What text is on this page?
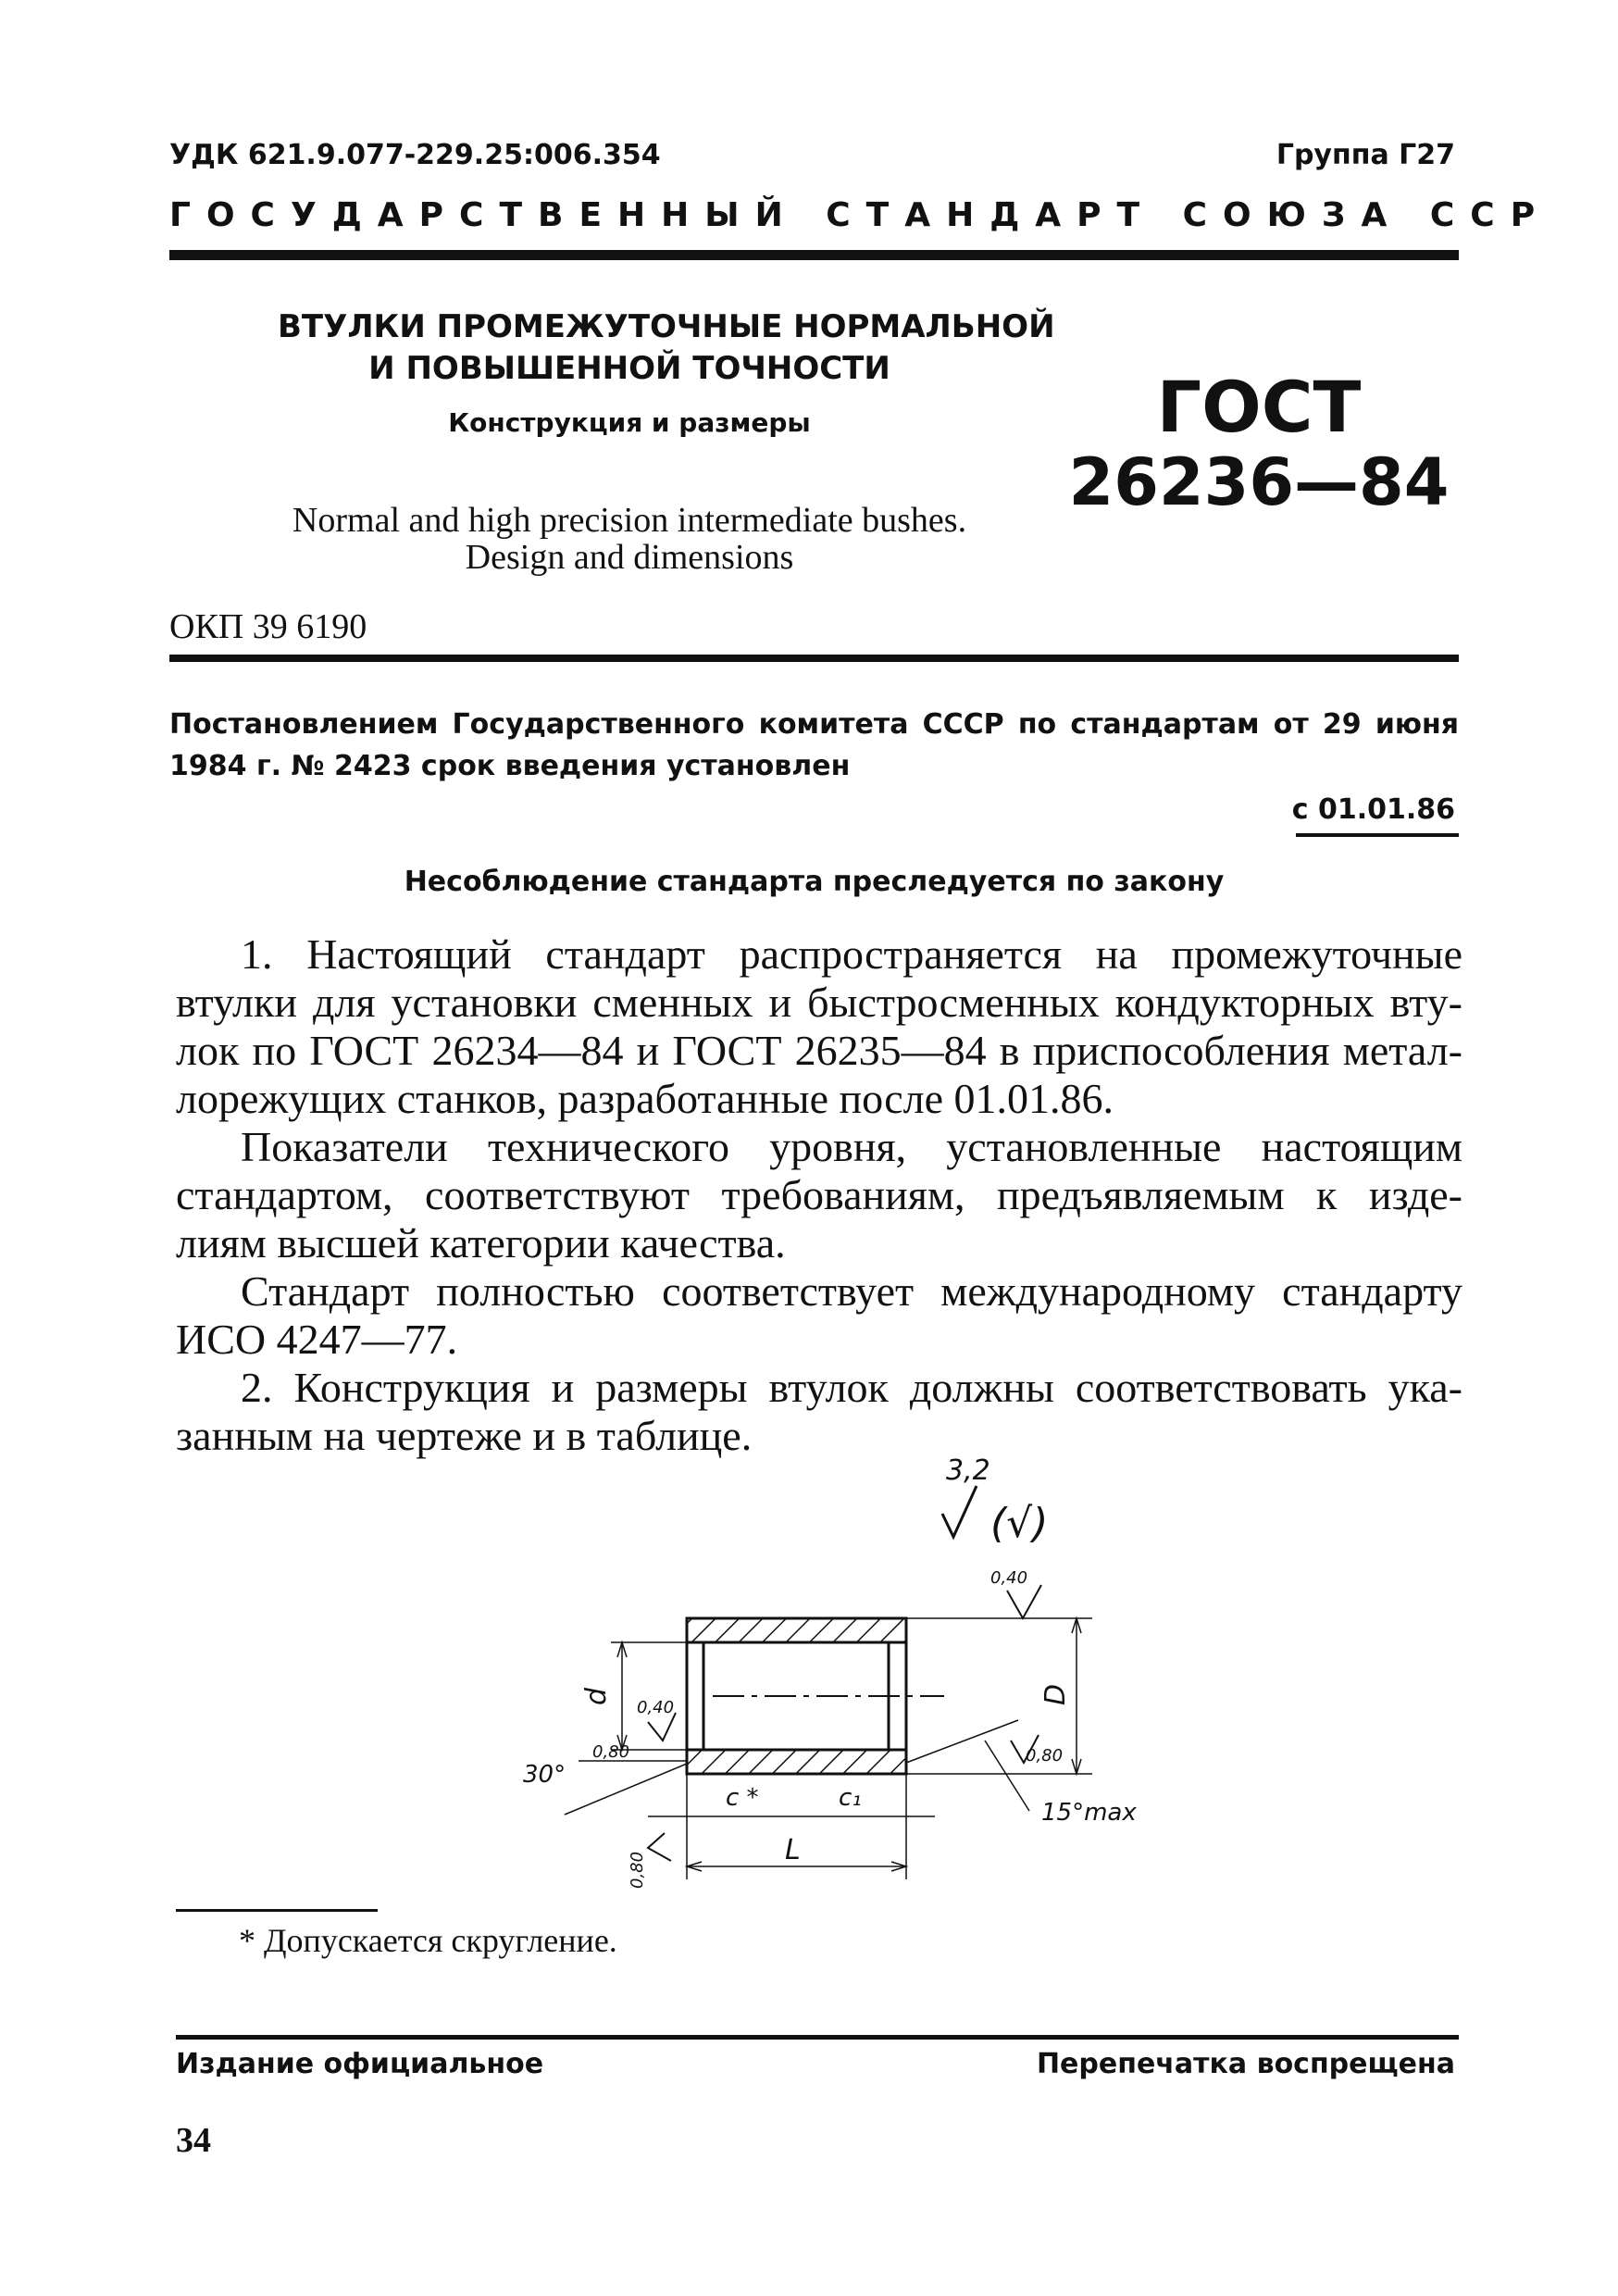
УДК 621.9.077-229.25:006.354	Группа Г27
ГОСУДАРСТВЕННЫЙ СТАНДАРТ СОЮЗА ССР
ВТУЛКИ ПРОМЕЖУТОЧНЫЕ НОРМАЛЬНОЙ
И ПОВЫШЕННОЙ ТОЧНОСТИ
Конструкция и размеры
Normal and high precision intermediate bushes.
Design and dimensions
ГОСТ
26236—84
ОКП 39 6190
Постановлением Государственного комитета СССР по стандартам от 29 июня
1984 г. № 2423 срок введения установлен
с 01.01.86
Несоблюдение стандарта преследуется по закону
1. Настоящий стандарт распространяется на промежуточные
втулки для установки сменных и быстросменных кондукторных вту-
лок по ГОСТ 26234—84 и ГОСТ 26235—84 в приспособления метал-
лорежущих станков, разработанные после 01.01.86.
Показатели технического уровня, установленные настоящим
стандартом, соответствуют требованиям, предъявляемым к изде-
лиям высшей категории качества.
Стандарт полностью соответствует международному стандарту
ИСО 4247—77.
2. Конструкция и размеры втулок должны соответствовать ука-
занным на чертеже и в таблице.
3,2
(√)
0,40
0,40
0,80
0,80
0,80
d	D
L
c *	c₁
30°
15°max
* Допускается скругление.
Издание официальное	Перепечатка воспрещена
34
